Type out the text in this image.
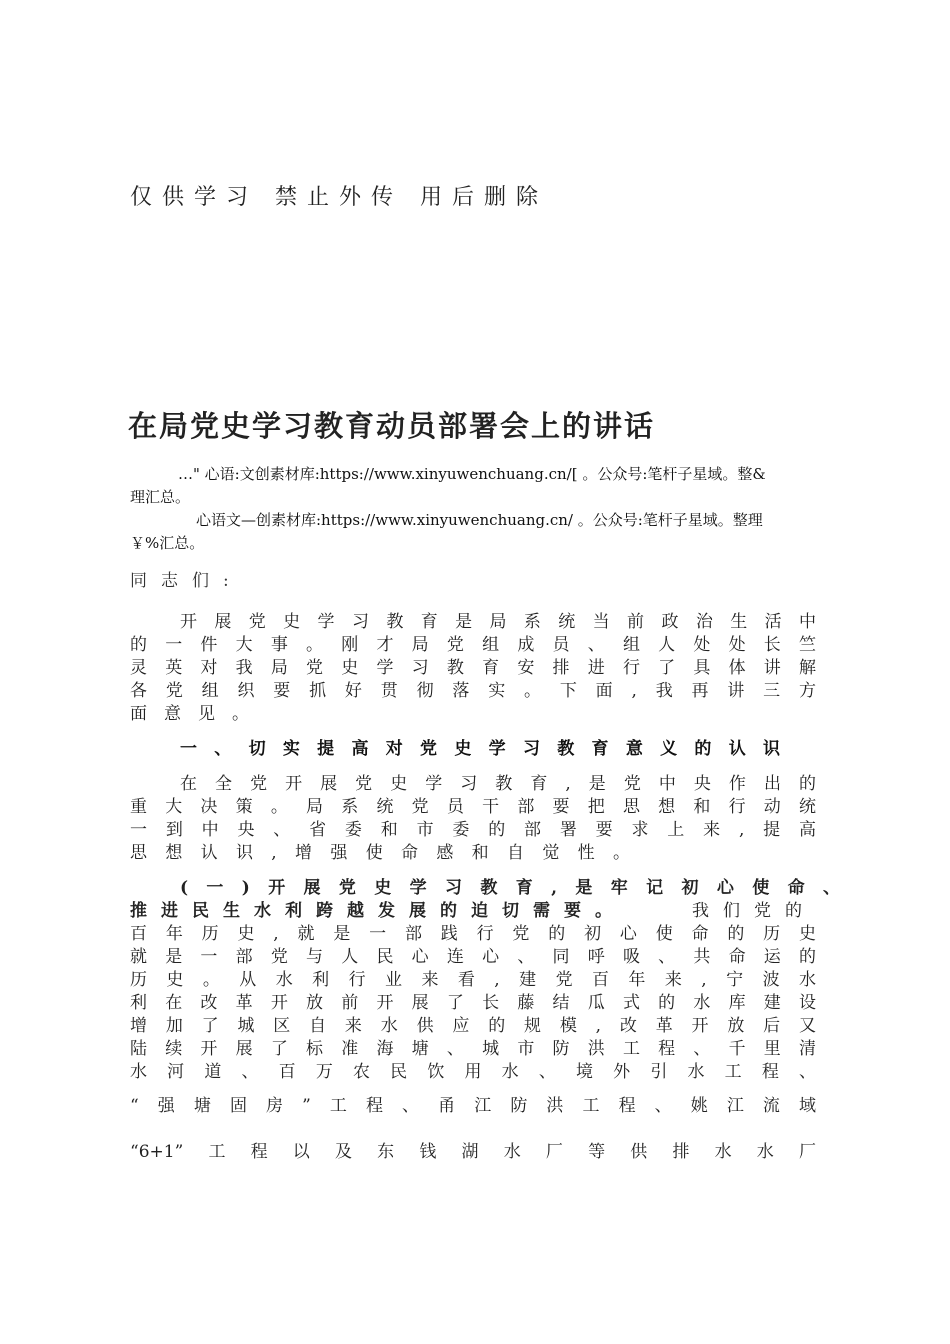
仅供学习 禁止外传 用后删除
在局党史学习教育动员部署会上的讲话
…" 心语:文创素材库:https://www.xinyuwenchuang.cn/[ 。公众号:笔杆子星域。整&
理汇总。
心语文—创素材库:https://www.xinyuwenchuang.cn/ 。公众号:笔杆子星域。整理
￥%汇总。
同志们:
开展党史学习教育是局系统当前政治生活中
的一件大事。刚才局党组成员、组人处处长竺
灵英对我局党史学习教育安排进行了具体讲解
各党组织要抓好贯彻落实。下面,我再讲三方
面意见。
一、切实提高对党史学习教育意义的认识
在全党开展党史学习教育,是党中央作出的
重大决策。局系统党员干部要把思想和行动统
一到中央、省委和市委的部署要求上来,提高
思想认识,增强使命感和自觉性。
(一)开展党史学习教育,是牢记初心使命、
推进民生水利跨越发展的迫切需要。	我们党的
百年历史,就是一部践行党的初心使命的历史
就是一部党与人民心连心、同呼吸、共命运的
历史。从水利行业来看,建党百年来,宁波水
利在改革开放前开展了长藤结瓜式的水库建设
增加了城区自来水供应的规模,改革开放后又
陆续开展了标准海塘、城市防洪工程、千里清
水河道、百万农民饮用水、境外引水工程、
“强塘固房”工程、甬江防洪工程、姚江流域
“6+1”工程以及东钱湖水厂等供排水水厂
